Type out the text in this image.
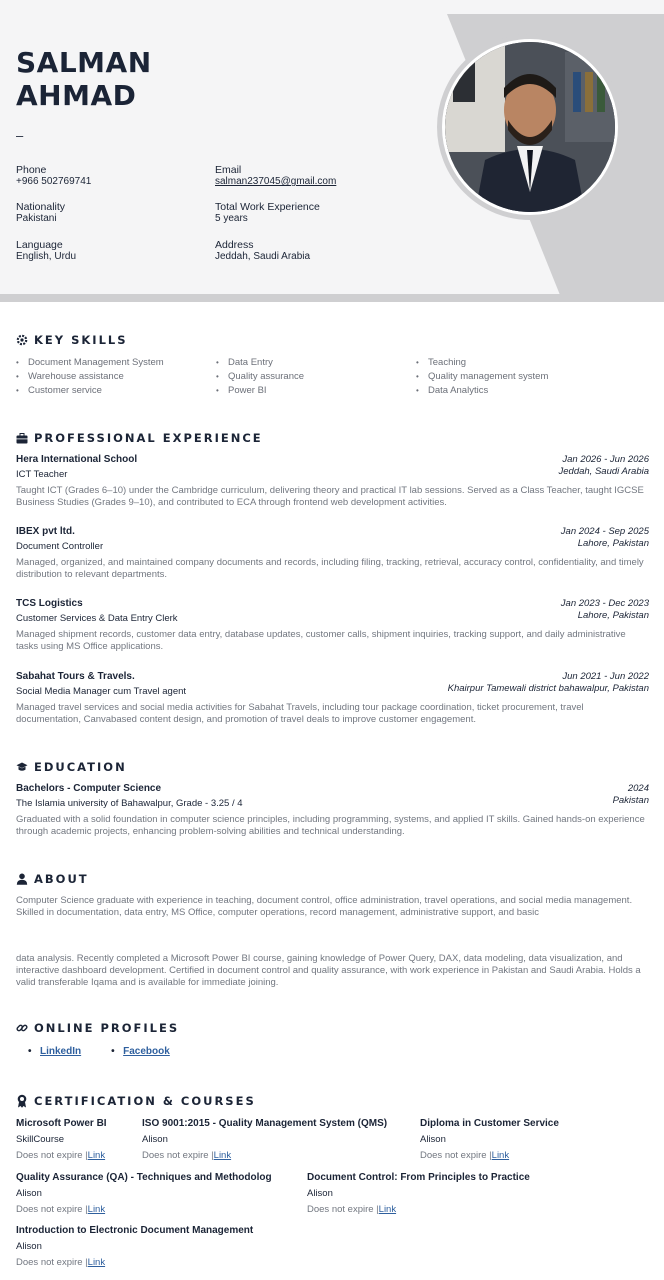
SALMAN
AHMAD
–
Phone
+966 502769741
Email
salman237045@gmail.com
Nationality
Pakistani
Total Work Experience
5 years
Language
English, Urdu
Address
Jeddah, Saudi Arabia
KEY SKILLS
• Document Management System
• Warehouse assistance
• Customer service
• Data Entry
• Quality assurance
• Power BI
• Teaching
• Quality management system
• Data Analytics
PROFESSIONAL EXPERIENCE
Hera International School
ICT Teacher
Jan 2026 - Jun 2026
Jeddah, Saudi Arabia
Taught ICT (Grades 6–10) under the Cambridge curriculum, delivering theory and practical IT lab sessions. Served as a Class Teacher, taught IGCSE Business Studies (Grades 9–10), and contributed to ECA through frontend web development activities.
IBEX pvt ltd.
Document Controller
Jan 2024 - Sep 2025
Lahore, Pakistan
Managed, organized, and maintained company documents and records, including filing, tracking, retrieval, accuracy control, confidentiality, and timely distribution to relevant departments.
TCS Logistics
Customer Services & Data Entry Clerk
Jan 2023 - Dec 2023
Lahore, Pakistan
Managed shipment records, customer data entry, database updates, customer calls, shipment inquiries, tracking support, and daily administrative tasks using MS Office applications.
Sabahat Tours & Travels.
Social Media Manager cum Travel agent
Jun 2021 - Jun 2022
Khairpur Tamewali district bahawalpur, Pakistan
Managed travel services and social media activities for Sabahat Travels, including tour package coordination, ticket procurement, travel documentation, Canvabased content design, and promotion of travel deals to improve customer engagement.
EDUCATION
Bachelors - Computer Science
The Islamia university of Bahawalpur, Grade - 3.25 / 4
2024
Pakistan
Graduated with a solid foundation in computer science principles, including programming, systems, and applied IT skills. Gained hands-on experience through academic projects, enhancing problem-solving abilities and technical understanding.
ABOUT
Computer Science graduate with experience in teaching, document control, office administration, travel operations, and social media management. Skilled in documentation, data entry, MS Office, computer operations, record management, administrative support, and basic
data analysis. Recently completed a Microsoft Power BI course, gaining knowledge of Power Query, DAX, data modeling, data visualization, and interactive dashboard development. Certified in document control and quality assurance, with work experience in Pakistan and Saudi Arabia. Holds a valid transferable Iqama and is available for immediate joining.
ONLINE PROFILES
• LinkedIn
•	Facebook
CERTIFICATION & COURSES
Microsoft Power BI
SkillCourse
Does not expire |Link
ISO 9001:2015 - Quality Management System (QMS)
Alison
Does not expire |Link
Diploma in Customer Service
Alison
Does not expire |Link
Quality Assurance (QA) - Techniques and Methodolog
Alison
Does not expire |Link
Document Control: From Principles to Practice
Alison
Does not expire |Link
Introduction to Electronic Document Management
Alison
Does not expire |Link
